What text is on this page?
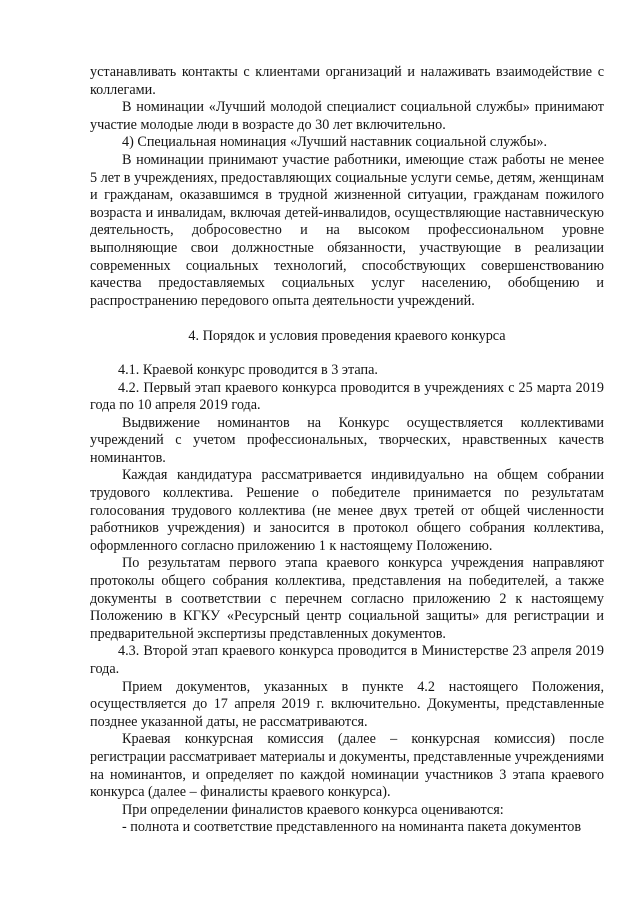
устанавливать контакты с клиентами организаций и налаживать взаимодействие с коллегами.

В номинации «Лучший молодой специалист социальной службы» принимают участие молодые люди в возрасте до 30 лет включительно.

4) Специальная номинация «Лучший наставник социальной службы».

В номинации принимают участие работники, имеющие стаж работы не менее 5 лет в учреждениях, предоставляющих социальные услуги семье, детям, женщинам и гражданам, оказавшимся в трудной жизненной ситуации, гражданам пожилого возраста и инвалидам, включая детей-инвалидов, осуществляющие наставническую деятельность, добросовестно и на высоком профессиональном уровне выполняющие свои должностные обязанности, участвующие в реализации современных социальных технологий, способствующих совершенствованию качества предоставляемых социальных услуг населению, обобщению и распространению передового опыта деятельности учреждений.

4. Порядок и условия проведения краевого конкурса

4.1. Краевой конкурс проводится в 3 этапа.

4.2. Первый этап краевого конкурса проводится в учреждениях с 25 марта 2019 года по 10 апреля 2019 года.

Выдвижение номинантов на Конкурс осуществляется коллективами учреждений с учетом профессиональных, творческих, нравственных качеств номинантов.

Каждая кандидатура рассматривается индивидуально на общем собрании трудового коллектива. Решение о победителе принимается по результатам голосования трудового коллектива (не менее двух третей от общей численности работников учреждения) и заносится в протокол общего собрания коллектива, оформленного согласно приложению 1 к настоящему Положению.

По результатам первого этапа краевого конкурса учреждения направляют протоколы общего собрания коллектива, представления на победителей, а также документы в соответствии с перечнем согласно приложению 2 к настоящему Положению в КГКУ «Ресурсный центр социальной защиты» для регистрации и предварительной экспертизы представленных документов.

4.3. Второй этап краевого конкурса проводится в Министерстве 23 апреля 2019 года.

Прием документов, указанных в пункте 4.2 настоящего Положения, осуществляется до 17 апреля 2019 г. включительно. Документы, представленные позднее указанной даты, не рассматриваются.

Краевая конкурсная комиссия (далее – конкурсная комиссия) после регистрации рассматривает материалы и документы, представленные учреждениями на номинантов, и определяет по каждой номинации участников 3 этапа краевого конкурса (далее – финалисты краевого конкурса).

При определении финалистов краевого конкурса оцениваются:

- полнота и соответствие представленного на номинанта пакета документов
